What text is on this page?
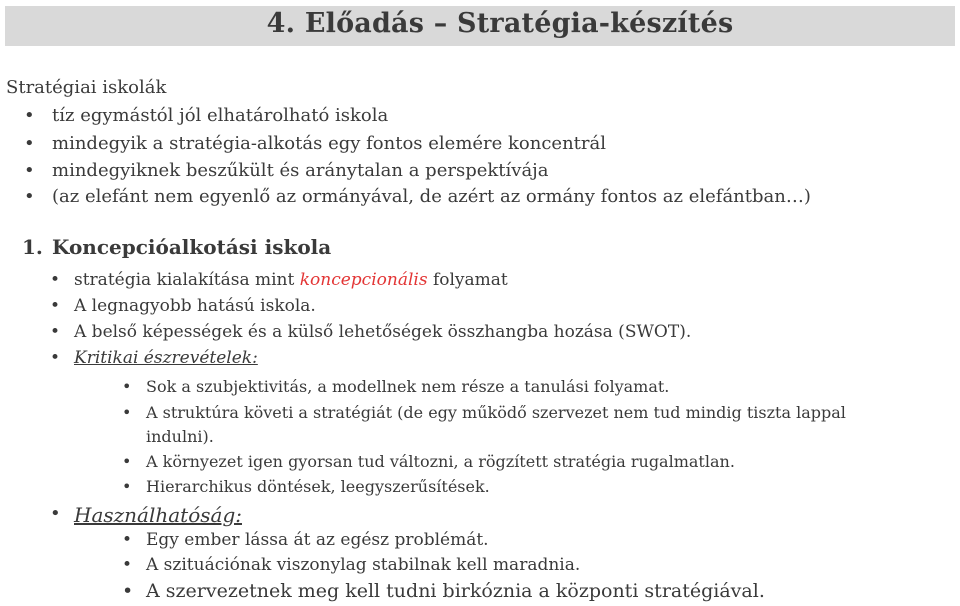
4. Előadás – Stratégia-készítés
Stratégiai iskolák
• tíz egymástól jól elhatárolható iskola
• mindegyik a stratégia-alkotás egy fontos elemére koncentrál
• mindegyiknek beszűkült és aránytalan a perspektívája
• (az elefánt nem egyenlő az ormányával, de azért az ormány fontos az elefántban…)
1. Koncepcióalkotási iskola
• stratégia kialakítása mint koncepcionális folyamat
• A legnagyobb hatású iskola.
• A belső képességek és a külső lehetőségek összhangba hozása (SWOT).
• Kritikai észrevételek:
• Sok a szubjektivitás, a modellnek nem része a tanulási folyamat.
• A struktúra követi a stratégiát (de egy működő szervezet nem tud mindig tiszta lappal
indulni).
• A környezet igen gyorsan tud változni, a rögzített stratégia rugalmatlan.
• Hierarchikus döntések, leegyszerűsítések.
• Használhatóság:
• Egy ember lássa át az egész problémát.
• A szituációnak viszonylag stabilnak kell maradnia.
• A szervezetnek meg kell tudni birkóznia a központi stratégiával.
